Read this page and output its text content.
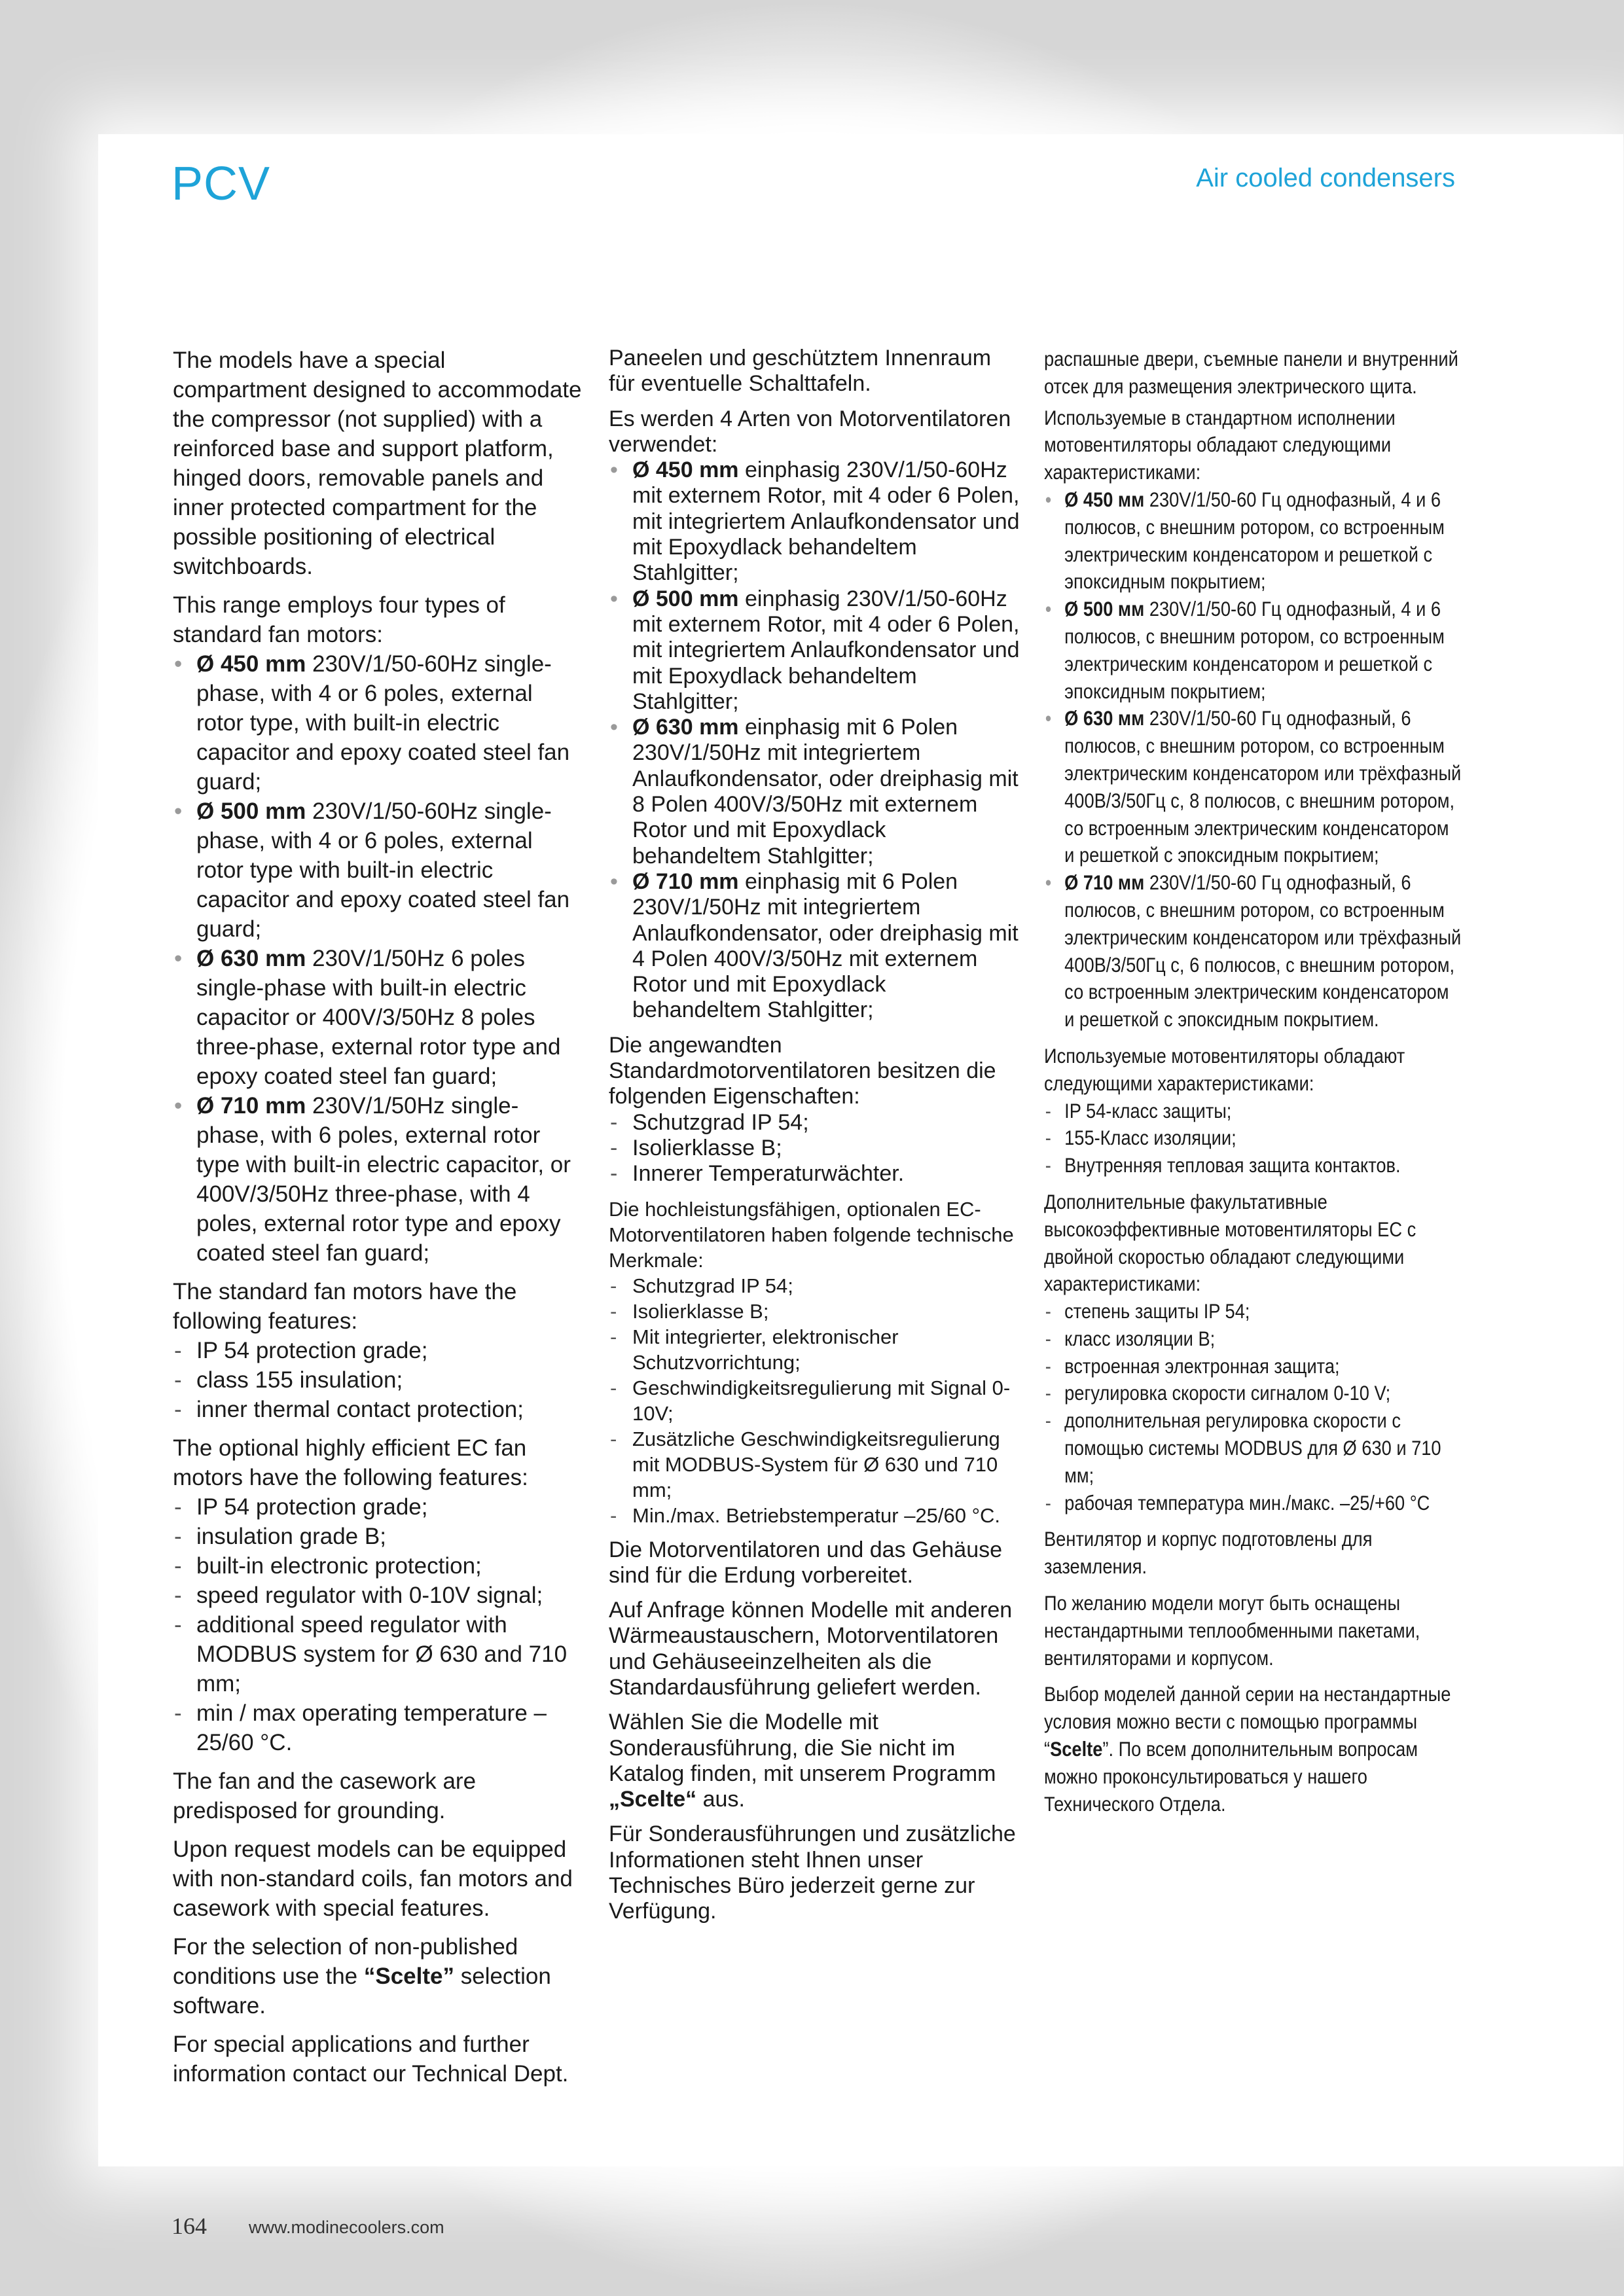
PCV	Air cooled condensers

The models have a special compartment designed to accommodate the compressor (not supplied) with a reinforced base and support platform, hinged doors, removable panels and inner protected compartment for the possible positioning of electrical switchboards.

This range employs four types of standard fan motors:

• Ø 450 mm 230V/1/50-60Hz single-phase, with 4 or 6 poles, external rotor type, with built-in electric capacitor and epoxy coated steel fan guard;
• Ø 500 mm 230V/1/50-60Hz single-phase, with 4 or 6 poles, external rotor type with built-in electric capacitor and epoxy coated steel fan guard;
• Ø 630 mm 230V/1/50Hz 6 poles single-phase with built-in electric capacitor or 400V/3/50Hz 8 poles three-phase, external rotor type and epoxy coated steel fan guard;
• Ø 710 mm 230V/1/50Hz single-phase, with 6 poles, external rotor type with built-in electric capacitor, or 400V/3/50Hz three-phase, with 4 poles, external rotor type and epoxy coated steel fan guard;

The standard fan motors have the following features:

- IP 54 protection grade;
- class 155 insulation;
- inner thermal contact protection;

The optional highly efficient EC fan motors have the following features:

- IP 54 protection grade;
- insulation grade B;
- built-in electronic protection;
- speed regulator with 0-10V signal;
- additional speed regulator with MODBUS system for Ø 630 and 710 mm;
- min / max operating temperature –25/60 °C.

The fan and the casework are predisposed for grounding.

Upon request models can be equipped with non-standard coils, fan motors and casework with special features.

For the selection of non-published conditions use the “Scelte” selection software.

For special applications and further information contact our Technical Dept.

Paneelen und geschütztem Innenraum für eventuelle Schalttafeln.

Es werden 4 Arten von Motorventilatoren verwendet:

• Ø 450 mm einphasig 230V/1/50-60Hz mit externem Rotor, mit 4 oder 6 Polen, mit integriertem Anlaufkondensator und mit Epoxydlack behandeltem Stahlgitter;
• Ø 500 mm einphasig 230V/1/50-60Hz mit externem Rotor, mit 4 oder 6 Polen, mit integriertem Anlaufkondensator und mit Epoxydlack behandeltem Stahlgitter;
• Ø 630 mm einphasig mit 6 Polen 230V/1/50Hz mit integriertem Anlaufkondensator, oder dreiphasig mit 8 Polen 400V/3/50Hz mit externem Rotor und mit Epoxydlack behandeltem Stahlgitter;
• Ø 710 mm einphasig mit 6 Polen 230V/1/50Hz mit integriertem Anlaufkondensator, oder dreiphasig mit 4 Polen 400V/3/50Hz mit externem Rotor und mit Epoxydlack behandeltem Stahlgitter;

Die angewandten Standardmotorventilatoren besitzen die folgenden Eigenschaften:

- Schutzgrad IP 54;
- Isolierklasse B;
- Innerer Temperaturwächter.

Die hochleistungsfähigen, optionalen EC-Motorventilatoren haben folgende technische Merkmale:

- Schutzgrad IP 54;
- Isolierklasse B;
- Mit integrierter, elektronischer Schutzvorrichtung;
- Geschwindigkeitsregulierung mit Signal 0-10V;
- Zusätzliche Geschwindigkeitsregulierung mit MODBUS-System für Ø 630 und 710 mm;
- Min./max. Betriebstemperatur –25/60 °C.

Die Motorventilatoren und das Gehäuse sind für die Erdung vorbereitet.

Auf Anfrage können Modelle mit anderen Wärmeaustauschern, Motorventilatoren und Gehäuseeinzelheiten als die Standardausführung geliefert werden.

Wählen Sie die Modelle mit Sonderausführung, die Sie nicht im Katalog finden, mit unserem Programm „Scelte“ aus.

Für Sonderausführungen und zusätzliche Informationen steht Ihnen unser Technisches Büro jederzeit gerne zur Verfügung.

распашные двери, съемные панели и внутренний отсек для размещения электрического щита.

Используемые в стандартном исполнении мотовентиляторы обладают следующими характеристиками:

• Ø 450 мм 230V/1/50-60 Гц однофазный, 4 и 6 полюсов, с внешним ротором, со встроенным электрическим конденсатором и решеткой с эпоксидным покрытием;
• Ø 500 мм 230V/1/50-60 Гц однофазный, 4 и 6 полюсов, с внешним ротором, со встроенным электрическим конденсатором и решеткой с эпоксидным покрытием;
• Ø 630 мм 230V/1/50-60 Гц однофазный, 6 полюсов, с внешним ротором, со встроенным электрическим конденсатором или трёхфазный 400В/3/50Гц с, 8 полюсов, с внешним ротором, со встроенным электрическим конденсатором и решеткой с эпоксидным покрытием;
• Ø 710 мм 230V/1/50-60 Гц однофазный, 6 полюсов, с внешним ротором, со встроенным электрическим конденсатором или трёхфазный 400В/3/50Гц с, 6 полюсов, с внешним ротором, со встроенным электрическим конденсатором и решеткой с эпоксидным покрытием.

Используемые мотовентиляторы обладают следующими характеристиками:

- IP 54-класс защиты;
- 155-Класс изоляции;
- Внутренняя тепловая защита контактов.

Дополнительные факультативные высокоэффективные мотовентиляторы EC с двойной скоростью обладают следующими характеристиками:

- степень защиты IP 54;
- класс изоляции B;
- встроенная электронная защита;
- регулировка скорости сигналом 0-10 V;
- дополнительная регулировка скорости с помощью системы MODBUS для Ø 630 и 710 мм;
- рабочая температура мин./макс. –25/+60 °C

Вентилятор и корпус подготовлены для заземления.

По желанию модели могут быть оснащены нестандартными теплообменными пакетами, вентиляторами и корпусом.

Выбор моделей данной серии на нестандартные условия можно вести с помощью программы “Scelte”. По всем дополнительным вопросам можно проконсультироваться у нашего Технического Отдела.

164 www.modinecoolers.com
